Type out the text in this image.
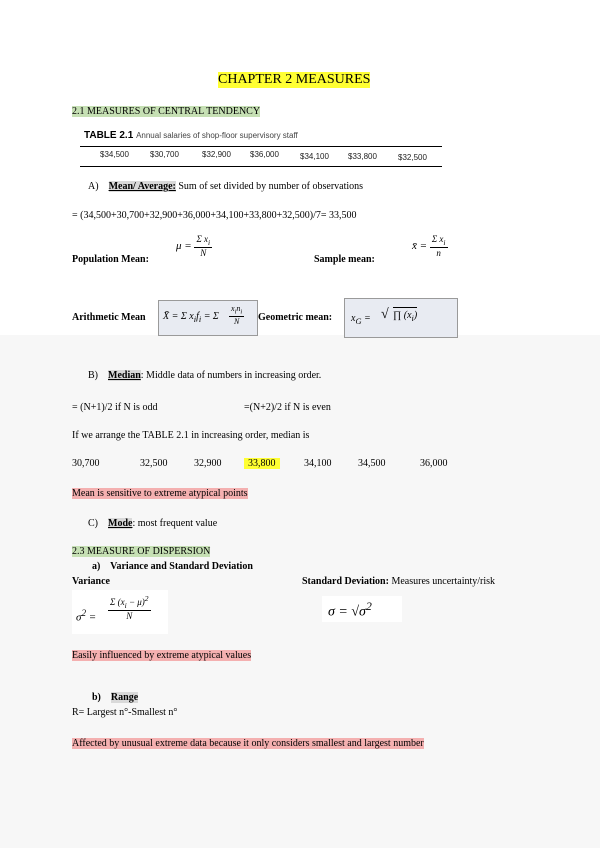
CHAPTER 2 MEASURES
2.1 MEASURES OF CENTRAL TENDENCY
TABLE 2.1 Annual salaries of shop-floor supervisory staff
$34,500	$30,700	$32,900 $36,000	$34,100 $33,800	$32,500
A) Mean/ Average: Sum of set divided by number of observations
= (34,500+30,700+32,900+36,000+34,100+33,800+32,500)/7= 33,500
Population Mean:
$\mu = \frac{\Sigma x_i}{N}$
Sample mean:
x̄ = $\frac{\Sigma x_i}{n}$
Arithmetic Mean X̄ = Σ $x_if_i = \Sigma$
$x_in_i$
N	Geometric mean: $x_G$ = √ ∏ $(x_i)$
B) Median: Middle data of numbers in increasing order.
= (N+1)/2 if N is odd	=(N+2)/2 if N is even
If we arrange the TABLE 2.1 in increasing order, median is
30,700	32,500	32,900	33,800	34,100	34,500	36,000
Mean is sensitive to extreme atypical points
C) Mode: most frequent value
2.3 MEASURE OF DISPERSION
a) Variance and Standard Deviation
Variance	Standard Deviation: Measures uncertainty/risk
$\sigma^2 = \frac{\Sigma (x_i - \mu)^2}{N}$	$\sigma = √\sigma^2$
Easily influenced by extreme atypical values
b) Range
R= Largest n°-Smallest n°
Affected by unusual extreme data because it only considers smallest and largest number
